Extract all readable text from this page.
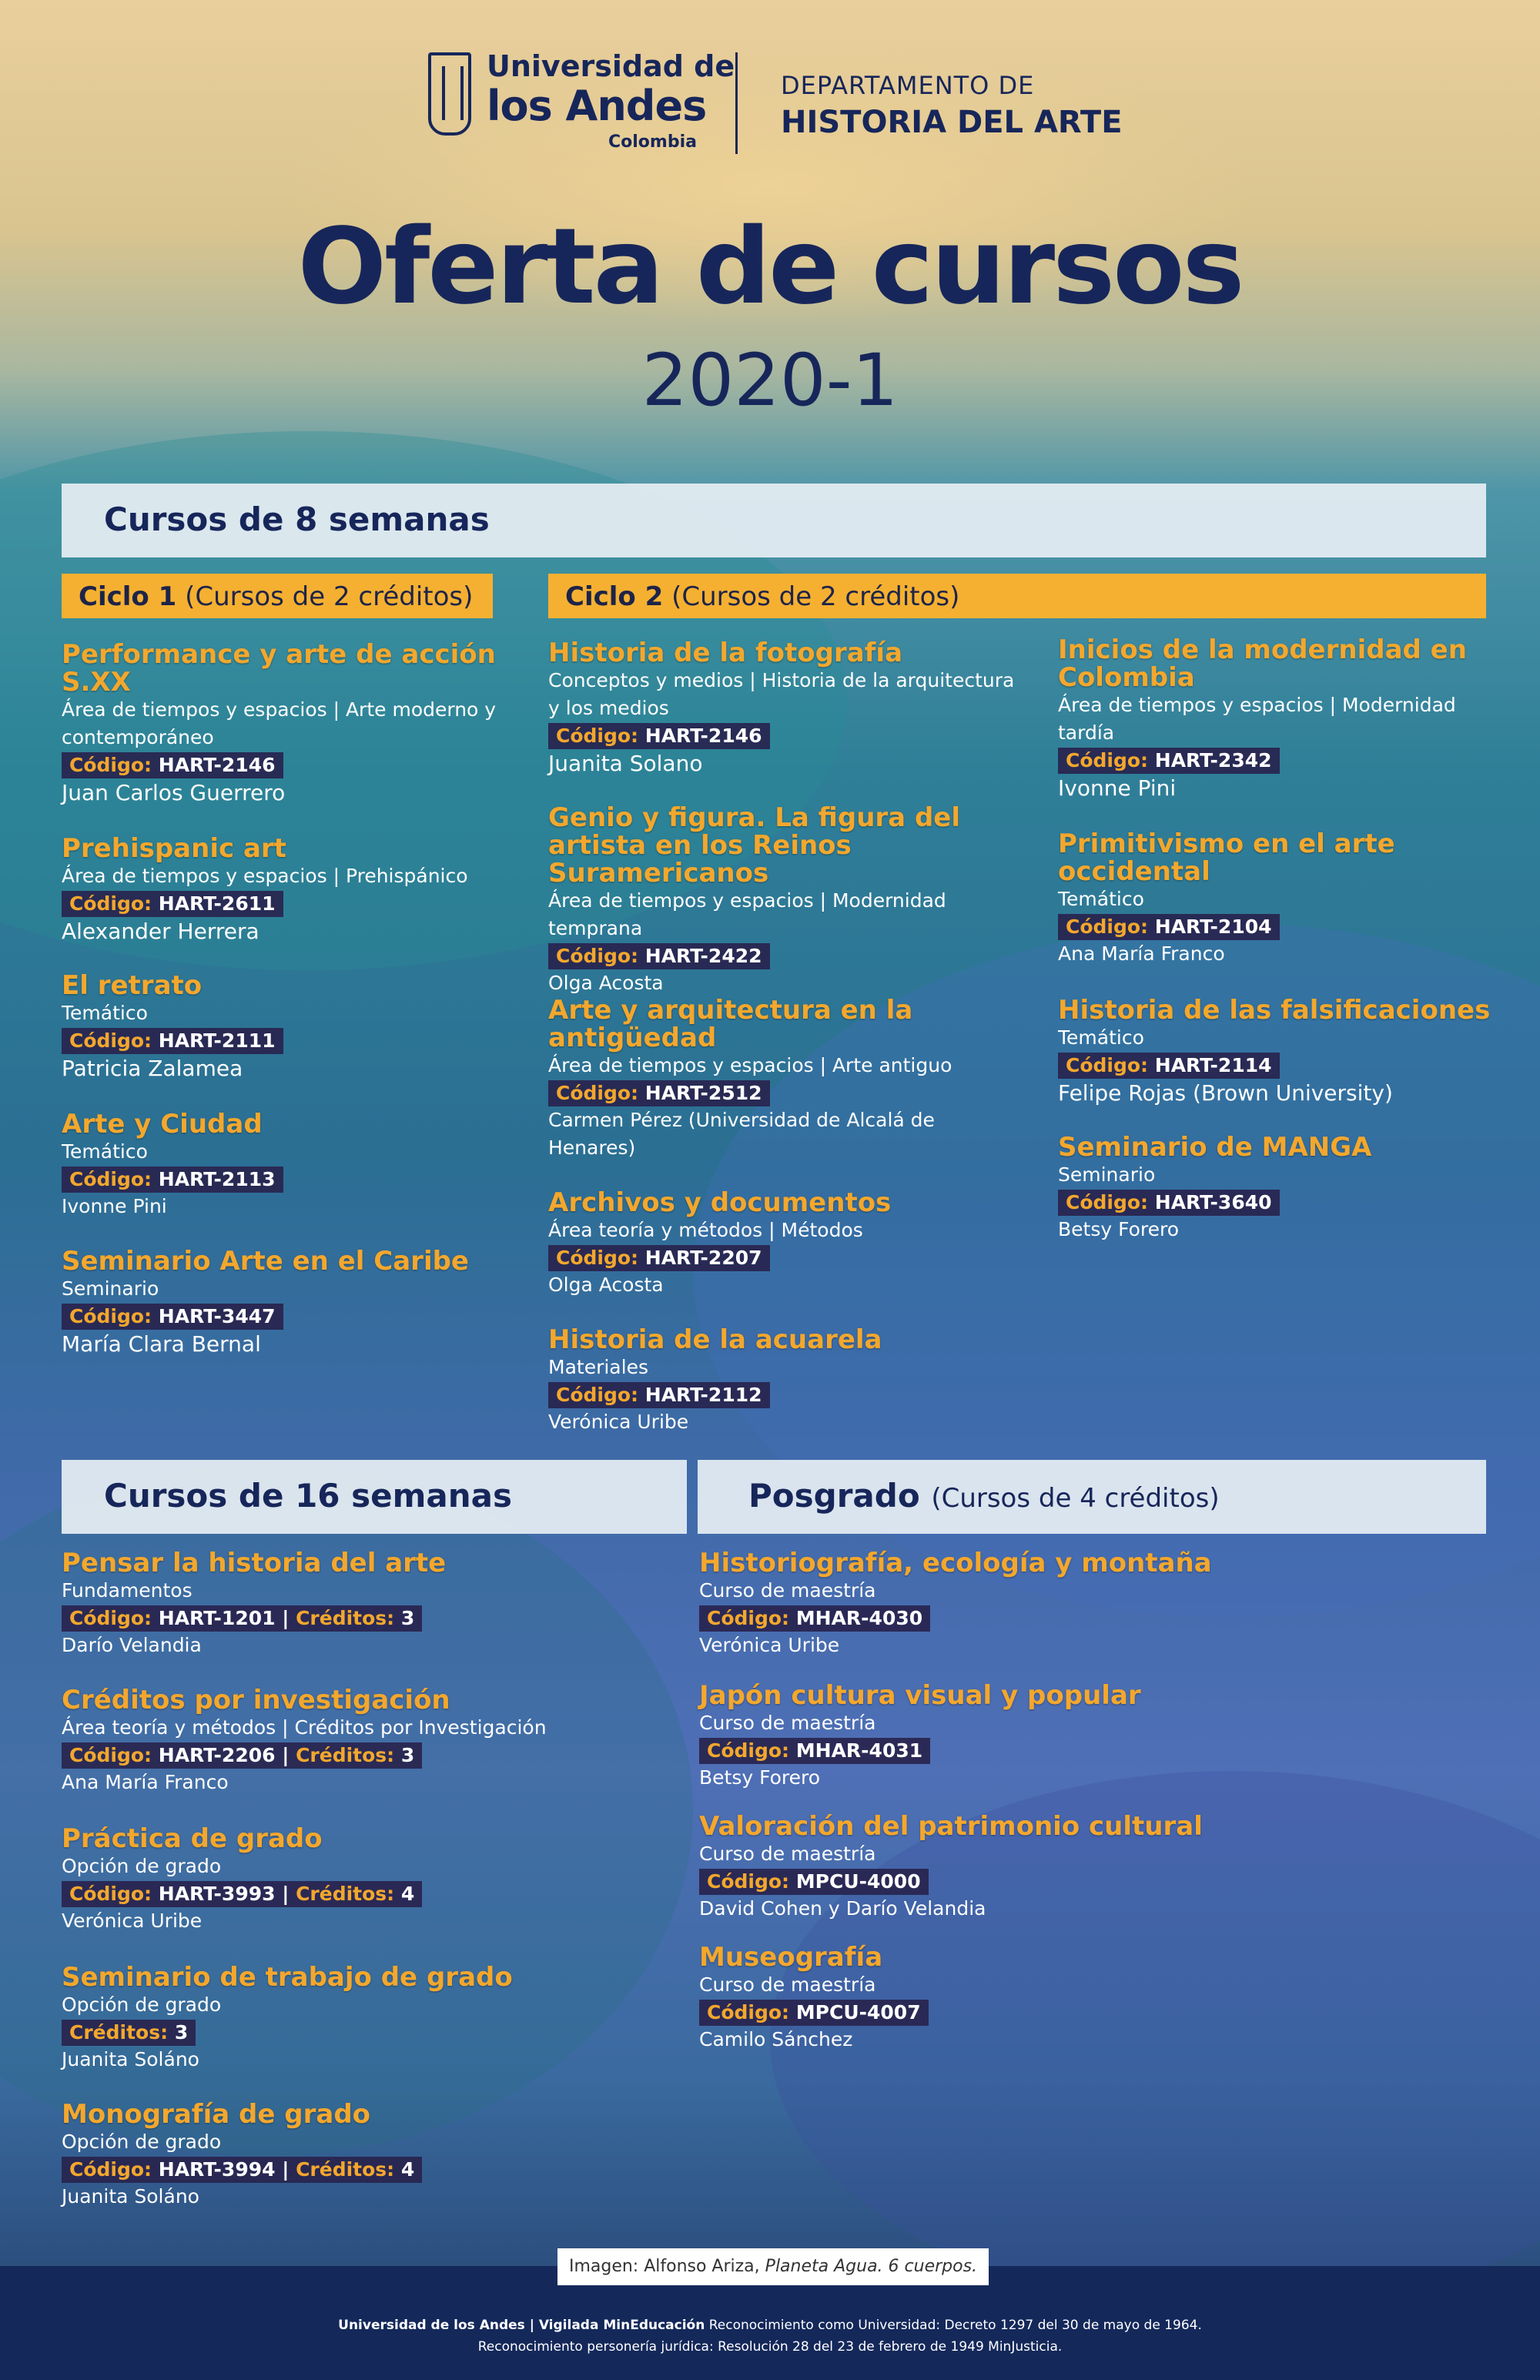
Universidad de
los Andes
Colombia
DEPARTAMENTO DE
HISTORIA DEL ARTE
Oferta de cursos
2020-1
Cursos de 8 semanas
Ciclo 1 (Cursos de 2 créditos)	Ciclo 2 (Cursos de 2 créditos)
Performance y arte de acción S.XX
Área de tiempos y espacios | Arte moderno y contemporáneo
Código: HART-2146
Juan Carlos Guerrero
Prehispanic art
Área de tiempos y espacios | Prehispánico
Código: HART-2611
Alexander Herrera
El retrato
Temático
Código: HART-2111
Patricia Zalamea
Arte y Ciudad
Temático
Código: HART-2113
Ivonne Pini
Seminario Arte en el Caribe
Seminario
Código: HART-3447
María Clara Bernal
Historia de la fotografía
Conceptos y medios | Historia de la arquitectura y los medios
Código: HART-2146
Juanita Solano
Genio y figura. La figura del artista en los Reinos Suramericanos
Área de tiempos y espacios | Modernidad temprana
Código: HART-2422
Olga Acosta
Arte y arquitectura en la antigüedad
Área de tiempos y espacios | Arte antiguo
Código: HART-2512
Carmen Pérez (Universidad de Alcalá de Henares)
Archivos y documentos
Área teoría y métodos | Métodos
Código: HART-2207
Olga Acosta
Historia de la acuarela
Materiales
Código: HART-2112
Verónica Uribe
Inicios de la modernidad en Colombia
Área de tiempos y espacios | Modernidad tardía
Código: HART-2342
Ivonne Pini
Primitivismo en el arte occidental
Temático
Código: HART-2104
Ana María Franco
Historia de las falsificaciones
Temático
Código: HART-2114
Felipe Rojas (Brown University)
Seminario de MANGA
Seminario
Código: HART-3640
Betsy Forero
Cursos de 16 semanas	Posgrado (Cursos de 4 créditos)
Pensar la historia del arte
Fundamentos
Código: HART-1201 | Créditos: 3
Darío Velandia
Créditos por investigación
Área teoría y métodos | Créditos por Investigación
Código: HART-2206 | Créditos: 3
Ana María Franco
Práctica de grado
Opción de grado
Código: HART-3993 | Créditos: 4
Verónica Uribe
Seminario de trabajo de grado
Opción de grado
Créditos: 3
Juanita Soláno
Monografía de grado
Opción de grado
Código: HART-3994 | Créditos: 4
Juanita Soláno
Historiografía, ecología y montaña
Curso de maestría
Código: MHAR-4030
Verónica Uribe
Japón cultura visual y popular
Curso de maestría
Código: MHAR-4031
Betsy Forero
Valoración del patrimonio cultural
Curso de maestría
Código: MPCU-4000
David Cohen y Darío Velandia
Museografía
Curso de maestría
Código: MPCU-4007
Camilo Sánchez
Imagen: Alfonso Ariza, Planeta Agua. 6 cuerpos.
Universidad de los Andes | Vigilada MinEducación Reconocimiento como Universidad: Decreto 1297 del 30 de mayo de 1964.
Reconocimiento personería jurídica: Resolución 28 del 23 de febrero de 1949 MinJusticia.
